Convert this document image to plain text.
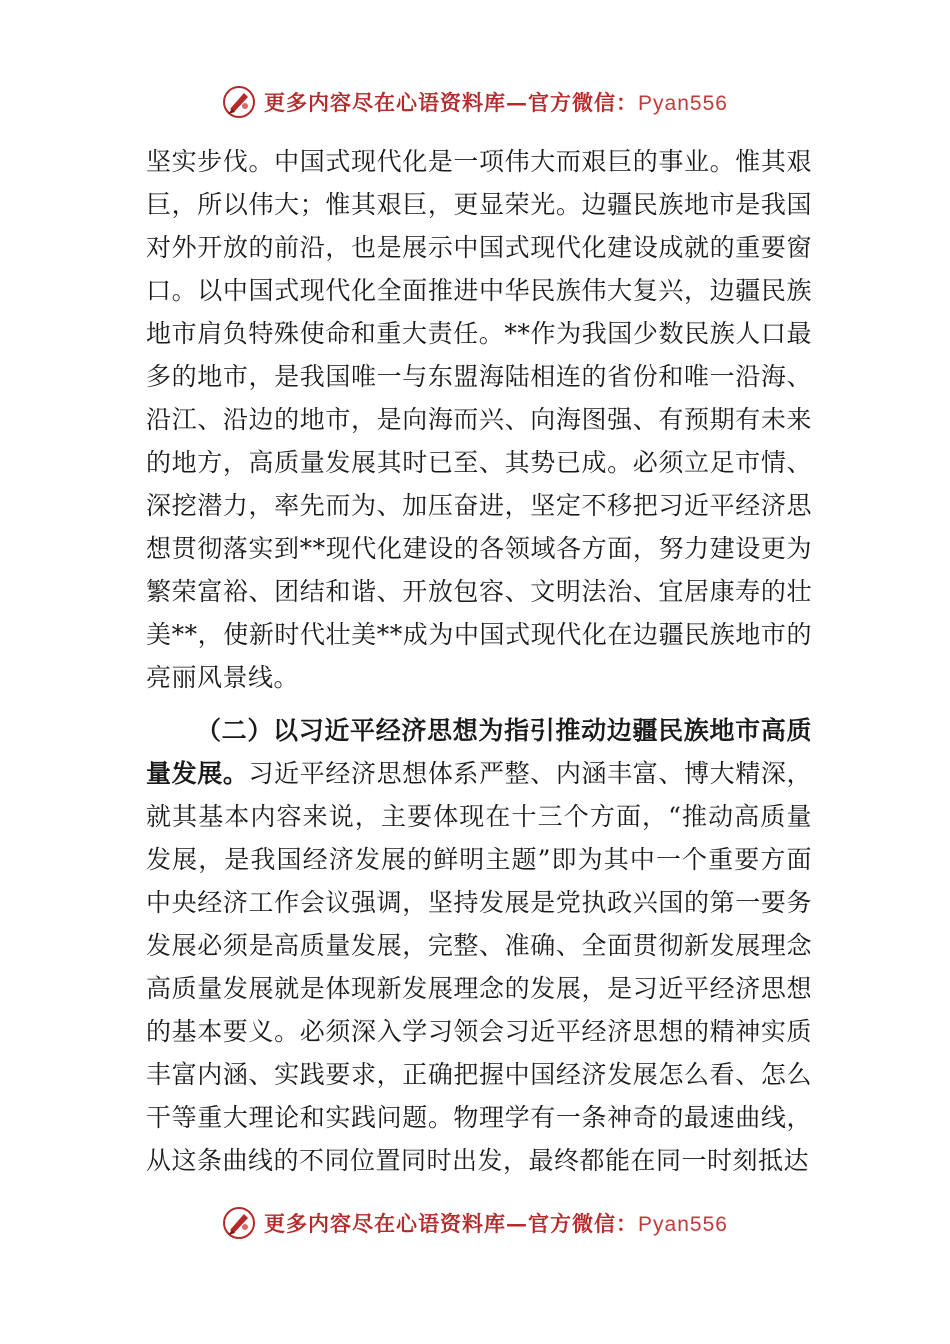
更多内容尽在心语资料库—官方微信：Pyan556

坚实步伐。中国式现代化是一项伟大而艰巨的事业。惟其艰巨，所以伟大；惟其艰巨，更显荣光。边疆民族地市是我国对外开放的前沿，也是展示中国式现代化建设成就的重要窗口。以中国式现代化全面推进中华民族伟大复兴，边疆民族地市肩负特殊使命和重大责任。**作为我国少数民族人口最多的地市，是我国唯一与东盟海陆相连的省份和唯一沿海、沿江、沿边的地市，是向海而兴、向海图强、有预期有未来的地方，高质量发展其时已至、其势已成。必须立足市情、深挖潜力，率先而为、加压奋进，坚定不移把习近平经济思想贯彻落实到**现代化建设的各领域各方面，努力建设更为繁荣富裕、团结和谐、开放包容、文明法治、宜居康寿的壮美**，使新时代壮美**成为中国式现代化在边疆民族地市的亮丽风景线。

（二）以习近平经济思想为指引推动边疆民族地市高质量发展。习近平经济思想体系严整、内涵丰富、博大精深，就其基本内容来说，主要体现在十三个方面，“推动高质量发展，是我国经济发展的鲜明主题”即为其中一个重要方面中央经济工作会议强调，坚持发展是党执政兴国的第一要务发展必须是高质量发展，完整、准确、全面贯彻新发展理念高质量发展就是体现新发展理念的发展，是习近平经济思想的基本要义。必须深入学习领会习近平经济思想的精神实质丰富内涵、实践要求，正确把握中国经济发展怎么看、怎么干等重大理论和实践问题。物理学有一条神奇的最速曲线，从这条曲线的不同位置同时出发，最终都能在同一时刻抵达

更多内容尽在心语资料库—官方微信：Pyan556
